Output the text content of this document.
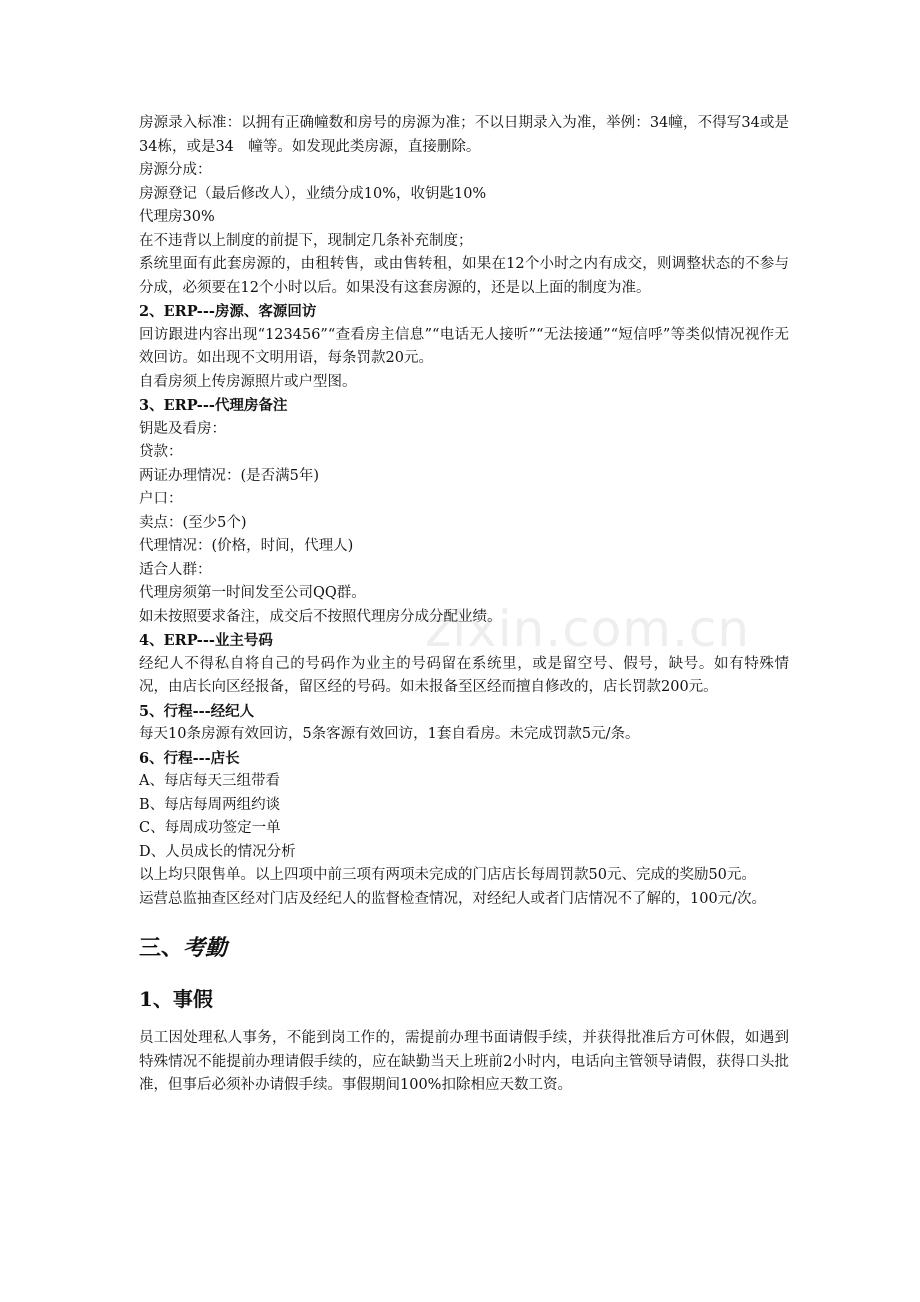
zixin.com.cn

房源录入标准：以拥有正确幢数和房号的房源为准；不以日期录入为准，举例：34幢，不得写34或是34栋，或是34　幢等。如发现此类房源，直接删除。

房源分成：

房源登记（最后修改人），业绩分成10%，收钥匙10%

代理房30%

在不违背以上制度的前提下，现制定几条补充制度；

系统里面有此套房源的，由租转售，或由售转租，如果在12个小时之内有成交，则调整状态的不参与分成，必须要在12个小时以后。如果没有这套房源的，还是以上面的制度为准。

2、ERP---房源、客源回访

回访跟进内容出现“123456”“查看房主信息”“电话无人接听”“无法接通”“短信呼”等类似情况视作无效回访。如出现不文明用语，每条罚款20元。

自看房须上传房源照片或户型图。

3、ERP---代理房备注

钥匙及看房：

贷款：

两证办理情况：(是否满5年)

户口：

卖点：(至少5个)

代理情况：(价格，时间，代理人)

适合人群：

代理房须第一时间发至公司QQ群。

如未按照要求备注，成交后不按照代理房分成分配业绩。

4、ERP---业主号码

经纪人不得私自将自己的号码作为业主的号码留在系统里，或是留空号、假号，缺号。如有特殊情况，由店长向区经报备，留区经的号码。如未报备至区经而擅自修改的，店长罚款200元。

5、行程---经纪人

每天10条房源有效回访，5条客源有效回访，1套自看房。未完成罚款5元/条。

6、行程---店长

A、每店每天三组带看

B、每店每周两组约谈

C、每周成功签定一单

D、人员成长的情况分析

以上均只限售单。以上四项中前三项有两项未完成的门店店长每周罚款50元、完成的奖励50元。

运营总监抽查区经对门店及经纪人的监督检查情况，对经纪人或者门店情况不了解的，100元/次。

三、考勤

1、事假

员工因处理私人事务，不能到岗工作的，需提前办理书面请假手续，并获得批准后方可休假，如遇到特殊情况不能提前办理请假手续的，应在缺勤当天上班前2小时内，电话向主管领导请假，获得口头批准，但事后必须补办请假手续。事假期间100%扣除相应天数工资。
